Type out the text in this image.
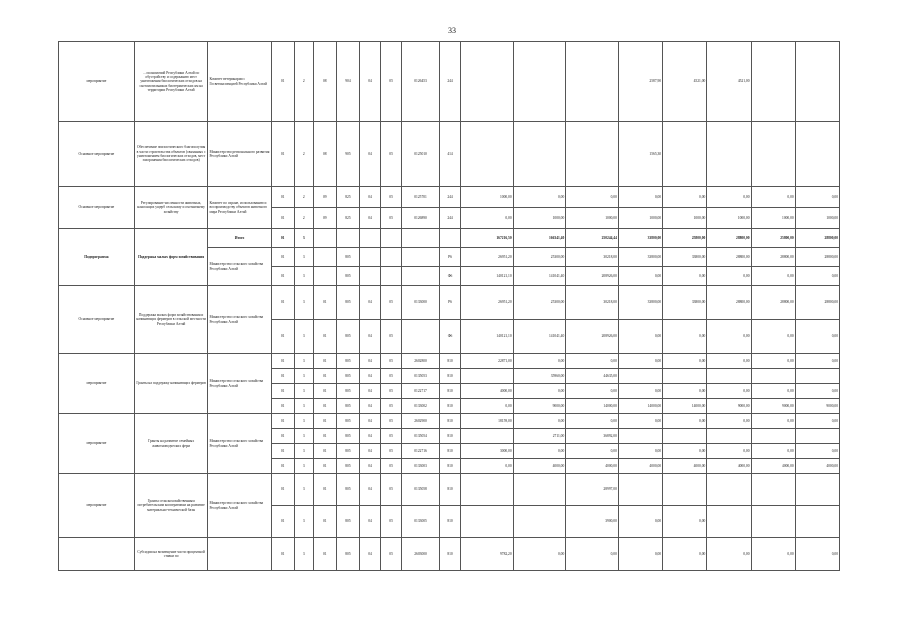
33
мероприятие	... полномочий Республики Алтай по обустройству и содержанию мест уничтожения биологических отходов на скотомогильниках биотермических ям на территории Республики Алтай	Комитет ветеринарии с Госветинспекцией Республики Алтай	01	2	08	904	04	05	0126453	244				2587,90	4521,00	4521,00		
Основное мероприятие	Обеспечение эпизоотического благополучия в части строительства объектов (связанных с уничтожением биологических отходов, мест захоронения биологических отходов)	Министерство регионального развития Республики Алтай	01	2	08	905	04	05	0125010	414				1565,30				
Основное мероприятие	Регулирование численности животных, наносящих ущерб сельскому и охотничьему хозяйству	Комитет по охране, использованию и воспроизводству объектов животного мира Республики Алтай	01	2	09	825	04	05	0125701	244	1000,00	0,00	0,00	0,00	0,00	0,00	0,00	0,00
			01	2	09	825	04	05	0126890	244	0,00	1000,00	1000,00	1000,00	1000,00	1000,00	1000,00	1000,00
Подпрограмма	Поддержка малых форм хозяйствования	Итого	01	3							167216,50	166341,40	250244,44	33800,00	25800,00	28800,00	25800,00	28800,00
		Министерство сельского хозяйства Республики Алтай	01	3		805				Р6	26951,20	25300,00	30218,00	33800,00	33800,00	28800,00	28800,00	28800,00
			01	3		805				Ф6	140121,10	141041,40	208926,00	0,00	0,00	0,00	0,00	0,00
Основное мероприятие	Поддержка малых форм хозяйствования и начинающих фермеров в сельской местности Республики Алтай	Министерство сельского хозяйства Республики Алтай	01	3	01	805	04	05	0133000	Р6	26951,20	25300,00	30218,00	33800,00	33800,00	28800,00	28800,00	28800,00
			01	3	01	805	04	05		Ф6	140121,10	141041,40	208926,00	0,00	0,00	0,00	0,00	0,00
мероприятие	Гранты на поддержку начинающих фермеров	Министерство сельского хозяйства Республики Алтай	01	3	01	805	04	05	2602800	810	22871,00	0,00	0,00	0,00	0,00	0,00	0,00	0,00
			01	3	01	805	04	05	0135053	810		35960,00	44635,00					
			01	3	01	805	04	05	0122717	810	4000,00	0,00	0,00	0,00	0,00	0,00	0,00	0,00
			01	3	01	805	04	05	0133002	810	0,00	9000,00	14000,00	14000,00	14000,00	9000,00	9000,00	9000,00
мероприятие	Гранты на развитие семейных животноводческих ферм	Министерство сельского хозяйства Республики Алтай	01	3	01	805	04	05	2602900	810	18159,00	0,00	0,00	0,00	0,00	0,00	0,00	0,00
			01	3	01	805	04	05	0135054	810		2711,00	36892,00					
			01	3	01	805	04	05	0122716	810	3000,00	0,00	0,00	0,00	0,00	0,00	0,00	0,00
			01	3	01	805	04	05	0133003	810	0,00	4000,00	4000,00	4000,00	4000,00	4000,00	4000,00	4000,00
мероприятие	Гранты сельскохозяйственным потребительским кооперативам на развитие материально-технической базы	Министерство сельского хозяйства Республики Алтай	01	3	01	805	04	05	0135058	810			28997,00					
			01	3	01	805	04	05	0133005	810			3900,00	0,00	0,00			
	Субсидии на возмещение части процентной ставки по		01	3	01	805	04	05	2603000	810	9782,20	0,00	0,00	0,00	0,00	0,00	0,00	0,00
